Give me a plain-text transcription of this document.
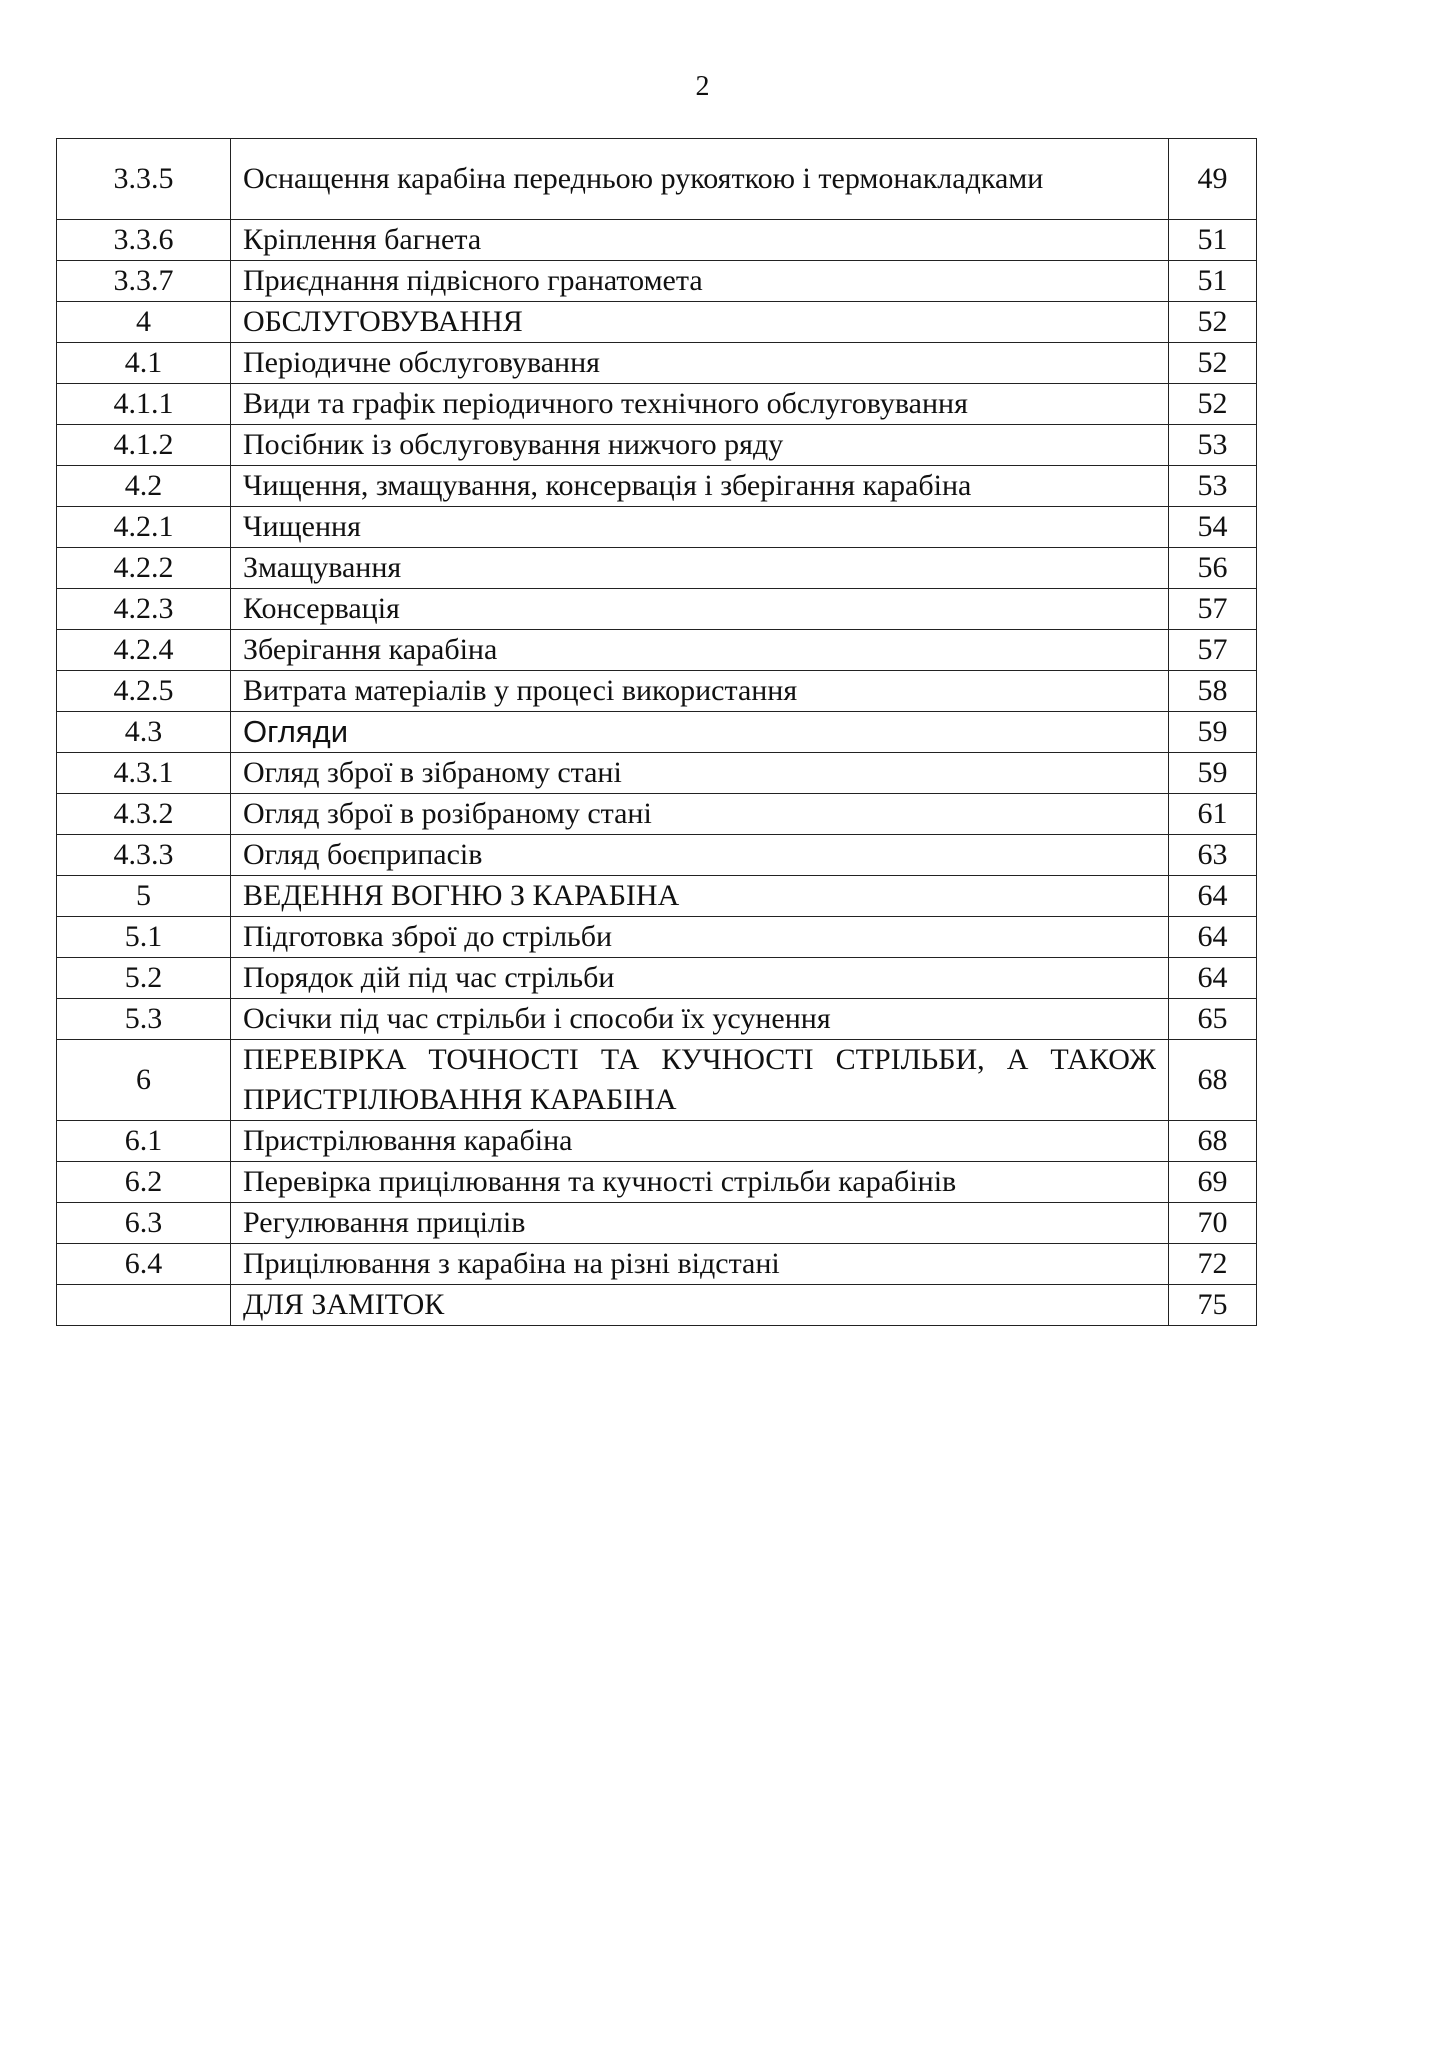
2
3.3.5	Оснащення карабіна передньою рукояткою і термонакладками	49
3.3.6	Кріплення багнета	51
3.3.7	Приєднання підвісного гранатомета	51
4	ОБСЛУГОВУВАННЯ	52
4.1	Періодичне обслуговування	52
4.1.1	Види та графік періодичного технічного обслуговування	52
4.1.2	Посібник із обслуговування нижчого ряду	53
4.2	Чищення, змащування, консервація і зберігання карабіна	53
4.2.1	Чищення	54
4.2.2	Змащування	56
4.2.3	Консервація	57
4.2.4	Зберігання карабіна	57
4.2.5	Витрата матеріалів у процесі використання	58
4.3	Огляди	59
4.3.1	Огляд зброї в зібраному стані	59
4.3.2	Огляд зброї в розібраному стані	61
4.3.3	Огляд боєприпасів	63
5	ВЕДЕННЯ ВОГНЮ З КАРАБІНА	64
5.1	Підготовка зброї до стрільби	64
5.2	Порядок дій під час стрільби	64
5.3	Осічки під час стрільби і способи їх усунення	65
6	ПЕРЕВІРКА ТОЧНОСТІ ТА КУЧНОСТІ СТРІЛЬБИ, А ТАКОЖ ПРИСТРІЛЮВАННЯ КАРАБІНА	68
6.1	Пристрілювання карабіна	68
6.2	Перевірка прицілювання та кучності стрільби карабінів	69
6.3	Регулювання прицілів	70
6.4	Прицілювання з карабіна на різні відстані	72
	ДЛЯ ЗАМІТОК	75
